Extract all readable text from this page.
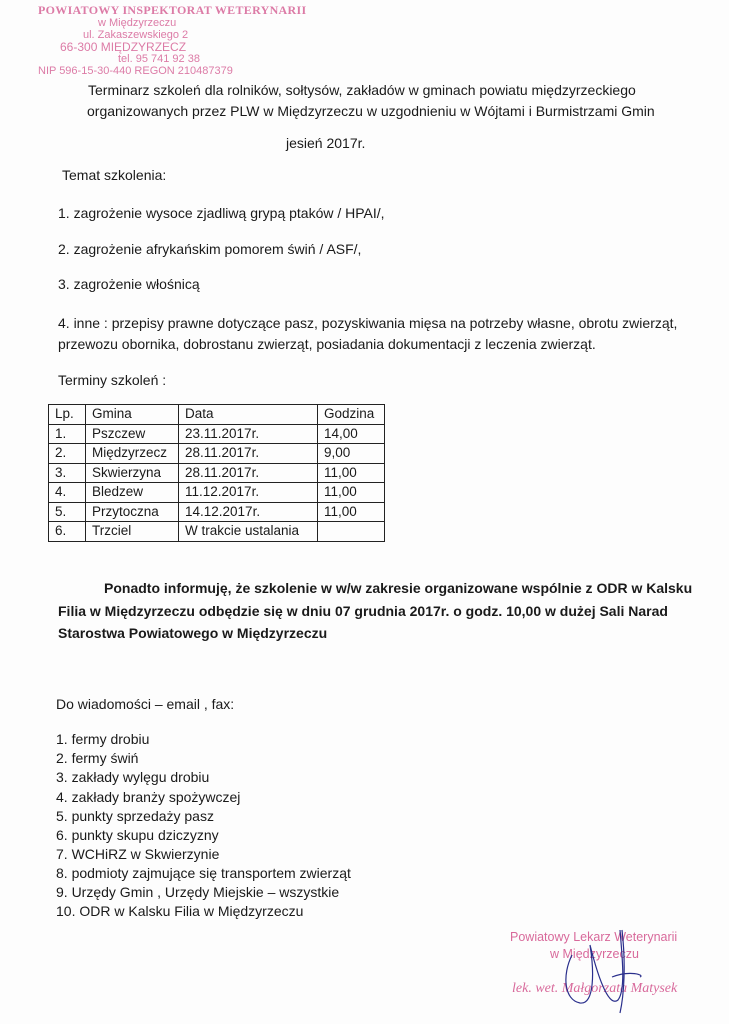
POWIATOWY INSPEKTORAT WETERYNARII
w Międzyrzeczu
ul. Zakaszewskiego 2
66-300 MIĘDZYRZECZ
tel. 95 741 92 38
NIP 596-15-30-440 REGON 210487379
Terminarz szkoleń dla rolników, sołtysów, zakładów w gminach powiatu międzyrzeckiego
organizowanych przez PLW w Międzyrzeczu w uzgodnieniu w Wójtami i Burmistrzami Gmin
jesień 2017r.
Temat szkolenia:
1. zagrożenie wysoce zjadliwą grypą ptaków / HPAI/,
2. zagrożenie afrykańskim pomorem świń / ASF/,
3. zagrożenie włośnicą
4. inne : przepisy prawne dotyczące pasz, pozyskiwania mięsa na potrzeby własne, obrotu zwierząt,
przewozu obornika, dobrostanu zwierząt, posiadania dokumentacji z leczenia zwierząt.
Terminy szkoleń :
Lp.	Gmina	Data	Godzina
1.	Pszczew	23.11.2017r.	14,00
2.	Międzyrzecz	28.11.2017r.	9,00
3.	Skwierzyna	28.11.2017r.	11,00
4.	Bledzew	11.12.2017r.	11,00
5.	Przytoczna	14.12.2017r.	11,00
6.	Trzciel	W trakcie ustalania	
Ponadto informuję, że szkolenie w w/w zakresie organizowane wspólnie z ODR w Kalsku
Filia w Międzyrzeczu odbędzie się w dniu 07 grudnia 2017r. o godz. 10,00 w dużej Sali Narad
Starostwa Powiatowego w Międzyrzeczu
Do wiadomości – email , fax:
1. fermy drobiu
2. fermy świń
3. zakłady wylęgu drobiu
4. zakłady branży spożywczej
5. punkty sprzedaży pasz
6. punkty skupu dziczyzny
7. WCHiRZ w Skwierzynie
8. podmioty zajmujące się transportem zwierząt
9. Urzędy Gmin , Urzędy Miejskie – wszystkie
10. ODR w Kalsku Filia w Międzyrzeczu
Powiatowy Lekarz Weterynarii
w Międzyrzeczu
lek. wet. Małgorzata Matysek
